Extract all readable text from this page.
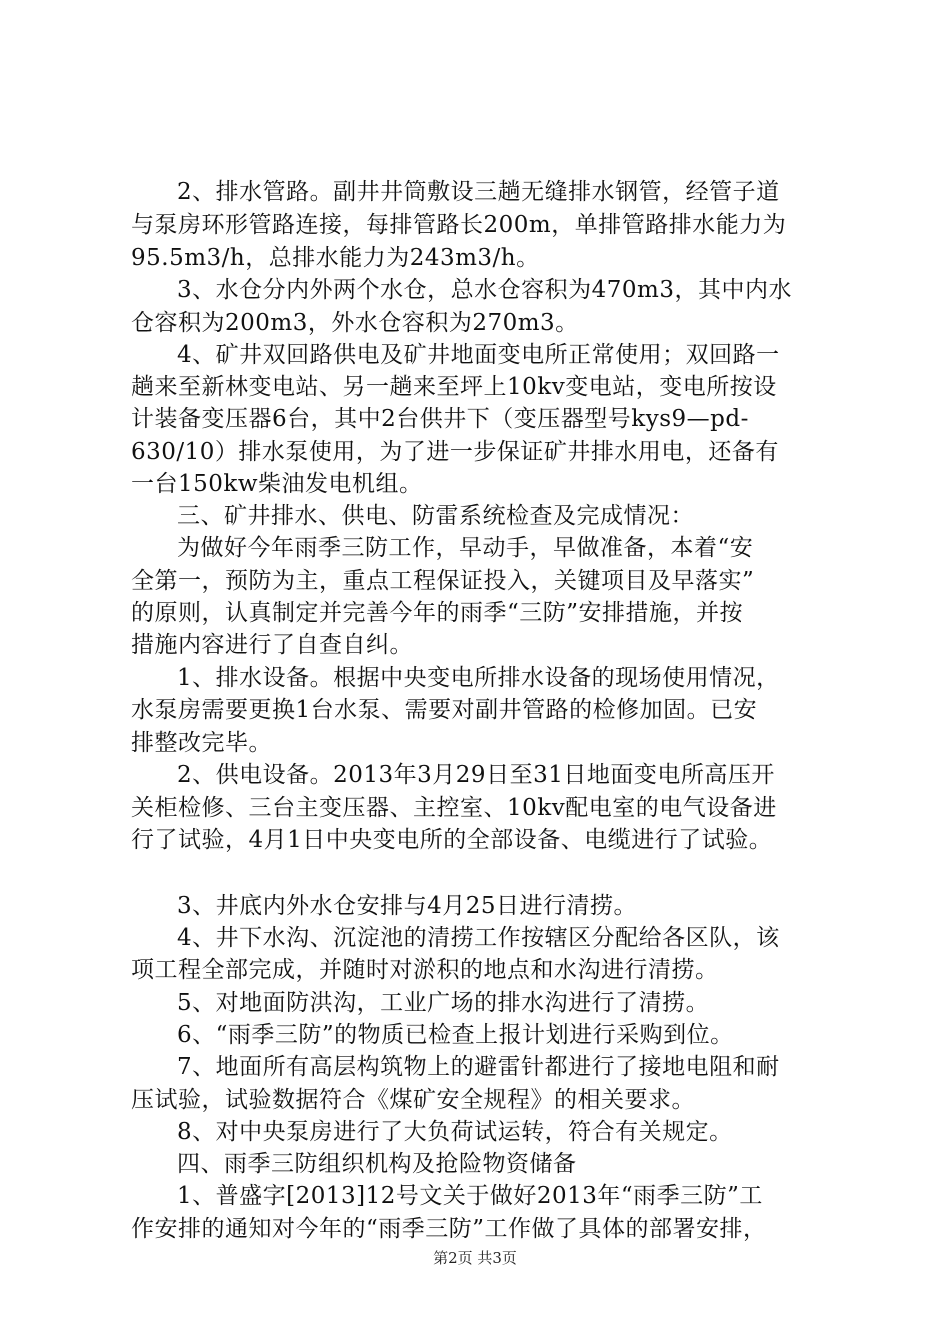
2、排水管路。副井井筒敷设三趟无缝排水钢管，经管子道
与泵房环形管路连接，每排管路长200m，单排管路排水能力为
95.5m3/h，总排水能力为243m3/h。
3、水仓分内外两个水仓，总水仓容积为470m3，其中内水
仓容积为200m3，外水仓容积为270m3。
4、矿井双回路供电及矿井地面变电所正常使用；双回路一
趟来至新林变电站、另一趟来至坪上10kv变电站，变电所按设
计装备变压器6台，其中2台供井下（变压器型号kys9—pd-
630/10）排水泵使用，为了进一步保证矿井排水用电，还备有
一台150kw柴油发电机组。
三、矿井排水、供电、防雷系统检查及完成情况：
为做好今年雨季三防工作，早动手，早做准备，本着“安
全第一，预防为主，重点工程保证投入，关键项目及早落实”
的原则，认真制定并完善今年的雨季“三防”安排措施，并按
措施内容进行了自查自纠。
1、排水设备。根据中央变电所排水设备的现场使用情况，
水泵房需要更换1台水泵、需要对副井管路的检修加固。已安
排整改完毕。
2、供电设备。2013年3月29日至31日地面变电所高压开
关柜检修、三台主变压器、主控室、10kv配电室的电气设备进
行了试验，4月1日中央变电所的全部设备、电缆进行了试验。
3、井底内外水仓安排与4月25日进行清捞。
4、井下水沟、沉淀池的清捞工作按辖区分配给各区队，该
项工程全部完成，并随时对淤积的地点和水沟进行清捞。
5、对地面防洪沟，工业广场的排水沟进行了清捞。
6、“雨季三防”的物质已检查上报计划进行采购到位。
7、地面所有高层构筑物上的避雷针都进行了接地电阻和耐
压试验，试验数据符合《煤矿安全规程》的相关要求。
8、对中央泵房进行了大负荷试运转，符合有关规定。
四、雨季三防组织机构及抢险物资储备
1、普盛字[2013]12号文关于做好2013年“雨季三防”工
作安排的通知对今年的“雨季三防”工作做了具体的部署安排，
第2页 共3页
